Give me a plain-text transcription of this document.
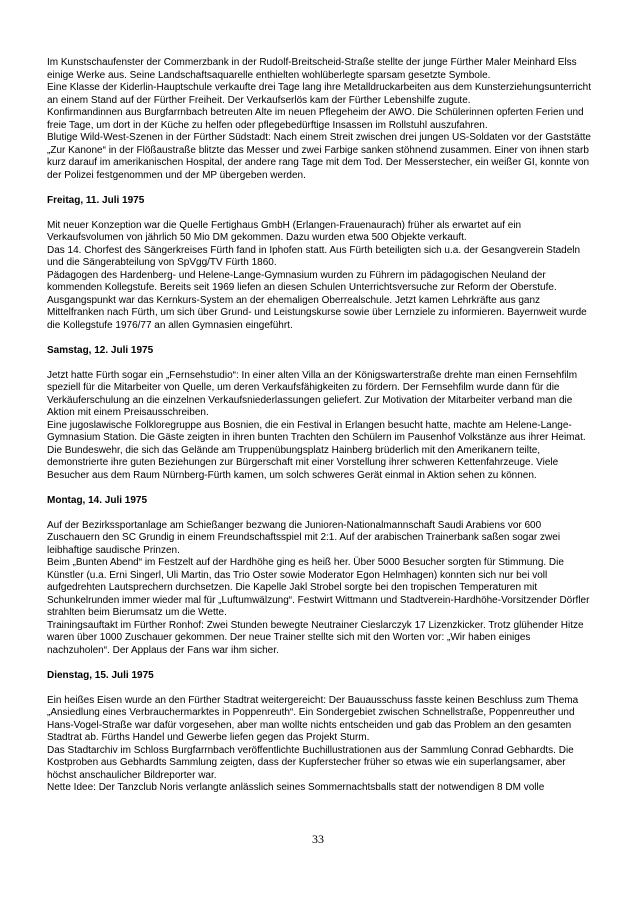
Im Kunstschaufenster der Commerzbank in der Rudolf-Breitscheid-Straße stellte der junge Fürther Maler Meinhard Elss einige Werke aus. Seine Landschaftsaquarelle enthielten wohlüberlegte sparsam gesetzte Symbole.

Eine Klasse der Kiderlin-Hauptschule verkaufte drei Tage lang ihre Metalldruckarbeiten aus dem Kunsterziehungsunterricht an einem Stand auf der Fürther Freiheit. Der Verkaufserlös kam der Fürther Lebenshilfe zugute.

Konfirmandinnen aus Burgfarrnbach betreuten Alte im neuen Pflegeheim der AWO. Die Schülerinnen opferten Ferien und freie Tage, um dort in der Küche zu helfen oder pflegebedürftige Insassen im Rollstuhl auszufahren.

Blutige Wild-West-Szenen in der Fürther Südstadt: Nach einem Streit zwischen drei jungen US-Soldaten vor der Gaststätte „Zur Kanone“ in der Flößaustraße blitzte das Messer und zwei Farbige sanken stöhnend zusammen. Einer von ihnen starb kurz darauf im amerikanischen Hospital, der andere rang Tage mit dem Tod. Der Messerstecher, ein weißer GI, konnte von der Polizei festgenommen und der MP übergeben werden.

Freitag, 11. Juli 1975

Mit neuer Konzeption war die Quelle Fertighaus GmbH (Erlangen-Frauenaurach) früher als erwartet auf ein Verkaufsvolumen von jährlich 50 Mio DM gekommen. Dazu wurden etwa 500 Objekte verkauft.

Das 14. Chorfest des Sängerkreises Fürth fand in Iphofen statt. Aus Fürth beteiligten sich u.a. der Gesangverein Stadeln und die Sängerabteilung von SpVgg/TV Fürth 1860.

Pädagogen des Hardenberg- und Helene-Lange-Gymnasium wurden zu Führern im pädagogischen Neuland der kommenden Kollegstufe. Bereits seit 1969 liefen an diesen Schulen Unterrichtsversuche zur Reform der Oberstufe. Ausgangspunkt war das Kernkurs-System an der ehemaligen Oberrealschule. Jetzt kamen Lehrkräfte aus ganz Mittelfranken nach Fürth, um sich über Grund- und Leistungskurse sowie über Lernziele zu informieren. Bayernweit wurde die Kollegstufe 1976/77 an allen Gymnasien eingeführt.

Samstag, 12. Juli 1975

Jetzt hatte Fürth sogar ein „Fernsehstudio“: In einer alten Villa an der Königswarterstraße drehte man einen Fernsehfilm speziell für die Mitarbeiter von Quelle, um deren Verkaufsfähigkeiten zu fördern. Der Fernsehfilm wurde dann für die Verkäuferschulung an die einzelnen Verkaufsniederlassungen geliefert. Zur Motivation der Mitarbeiter verband man die Aktion mit einem Preisausschreiben.

Eine jugoslawische Folkloregruppe aus Bosnien, die ein Festival in Erlangen besucht hatte, machte am Helene-Lange-Gymnasium Station. Die Gäste zeigten in ihren bunten Trachten den Schülern im Pausenhof Volkstänze aus ihrer Heimat.

Die Bundeswehr, die sich das Gelände am Truppenübungsplatz Hainberg brüderlich mit den Amerikanern teilte, demonstrierte ihre guten Beziehungen zur Bürgerschaft mit einer Vorstellung ihrer schweren Kettenfahrzeuge. Viele Besucher aus dem Raum Nürnberg-Fürth kamen, um solch schweres Gerät einmal in Aktion sehen zu können.

Montag, 14. Juli 1975

Auf der Bezirkssportanlage am Schießanger bezwang die Junioren-Nationalmannschaft Saudi Arabiens vor 600 Zuschauern den SC Grundig in einem Freundschaftsspiel mit 2:1. Auf der arabischen Trainerbank saßen sogar zwei leibhaftige saudische Prinzen.

Beim „Bunten Abend“ im Festzelt auf der Hardhöhe ging es heiß her. Über 5000 Besucher sorgten für Stimmung. Die Künstler (u.a. Erni Singerl, Uli Martin, das Trio Oster sowie Moderator Egon Helmhagen) konnten sich nur bei voll aufgedrehten Lautsprechern durchsetzen. Die Kapelle Jakl Strobel sorgte bei den tropischen Temperaturen mit Schunkelrunden immer wieder mal für „Luftumwälzung“. Festwirt Wittmann und Stadtverein-Hardhöhe-Vorsitzender Dörfler strahlten beim Bierumsatz um die Wette.

Trainingsauftakt im Fürther Ronhof: Zwei Stunden bewegte Neutrainer Cieslarczyk 17 Lizenzkicker. Trotz glühender Hitze waren über 1000 Zuschauer gekommen. Der neue Trainer stellte sich mit den Worten vor: „Wir haben einiges nachzuholen“. Der Applaus der Fans war ihm sicher.

Dienstag, 15. Juli 1975

Ein heißes Eisen wurde an den Fürther Stadtrat weitergereicht: Der Bauausschuss fasste keinen Beschluss zum Thema „Ansiedlung eines Verbrauchermarktes in Poppenreuth“. Ein Sondergebiet zwischen Schnellstraße, Poppenreuther und Hans-Vogel-Straße war dafür vorgesehen, aber man wollte nichts entscheiden und gab das Problem an den gesamten Stadtrat ab. Fürths Handel und Gewerbe liefen gegen das Projekt Sturm.

Das Stadtarchiv im Schloss Burgfarrnbach veröffentlichte Buchillustrationen aus der Sammlung Conrad Gebhardts. Die Kostproben aus Gebhardts Sammlung zeigten, dass der Kupferstecher früher so etwas wie ein superlangsamer, aber höchst anschaulicher Bildreporter war.

Nette Idee: Der Tanzclub Noris verlangte anlässlich seines Sommernachtsballs statt der notwendigen 8 DM volle

33
